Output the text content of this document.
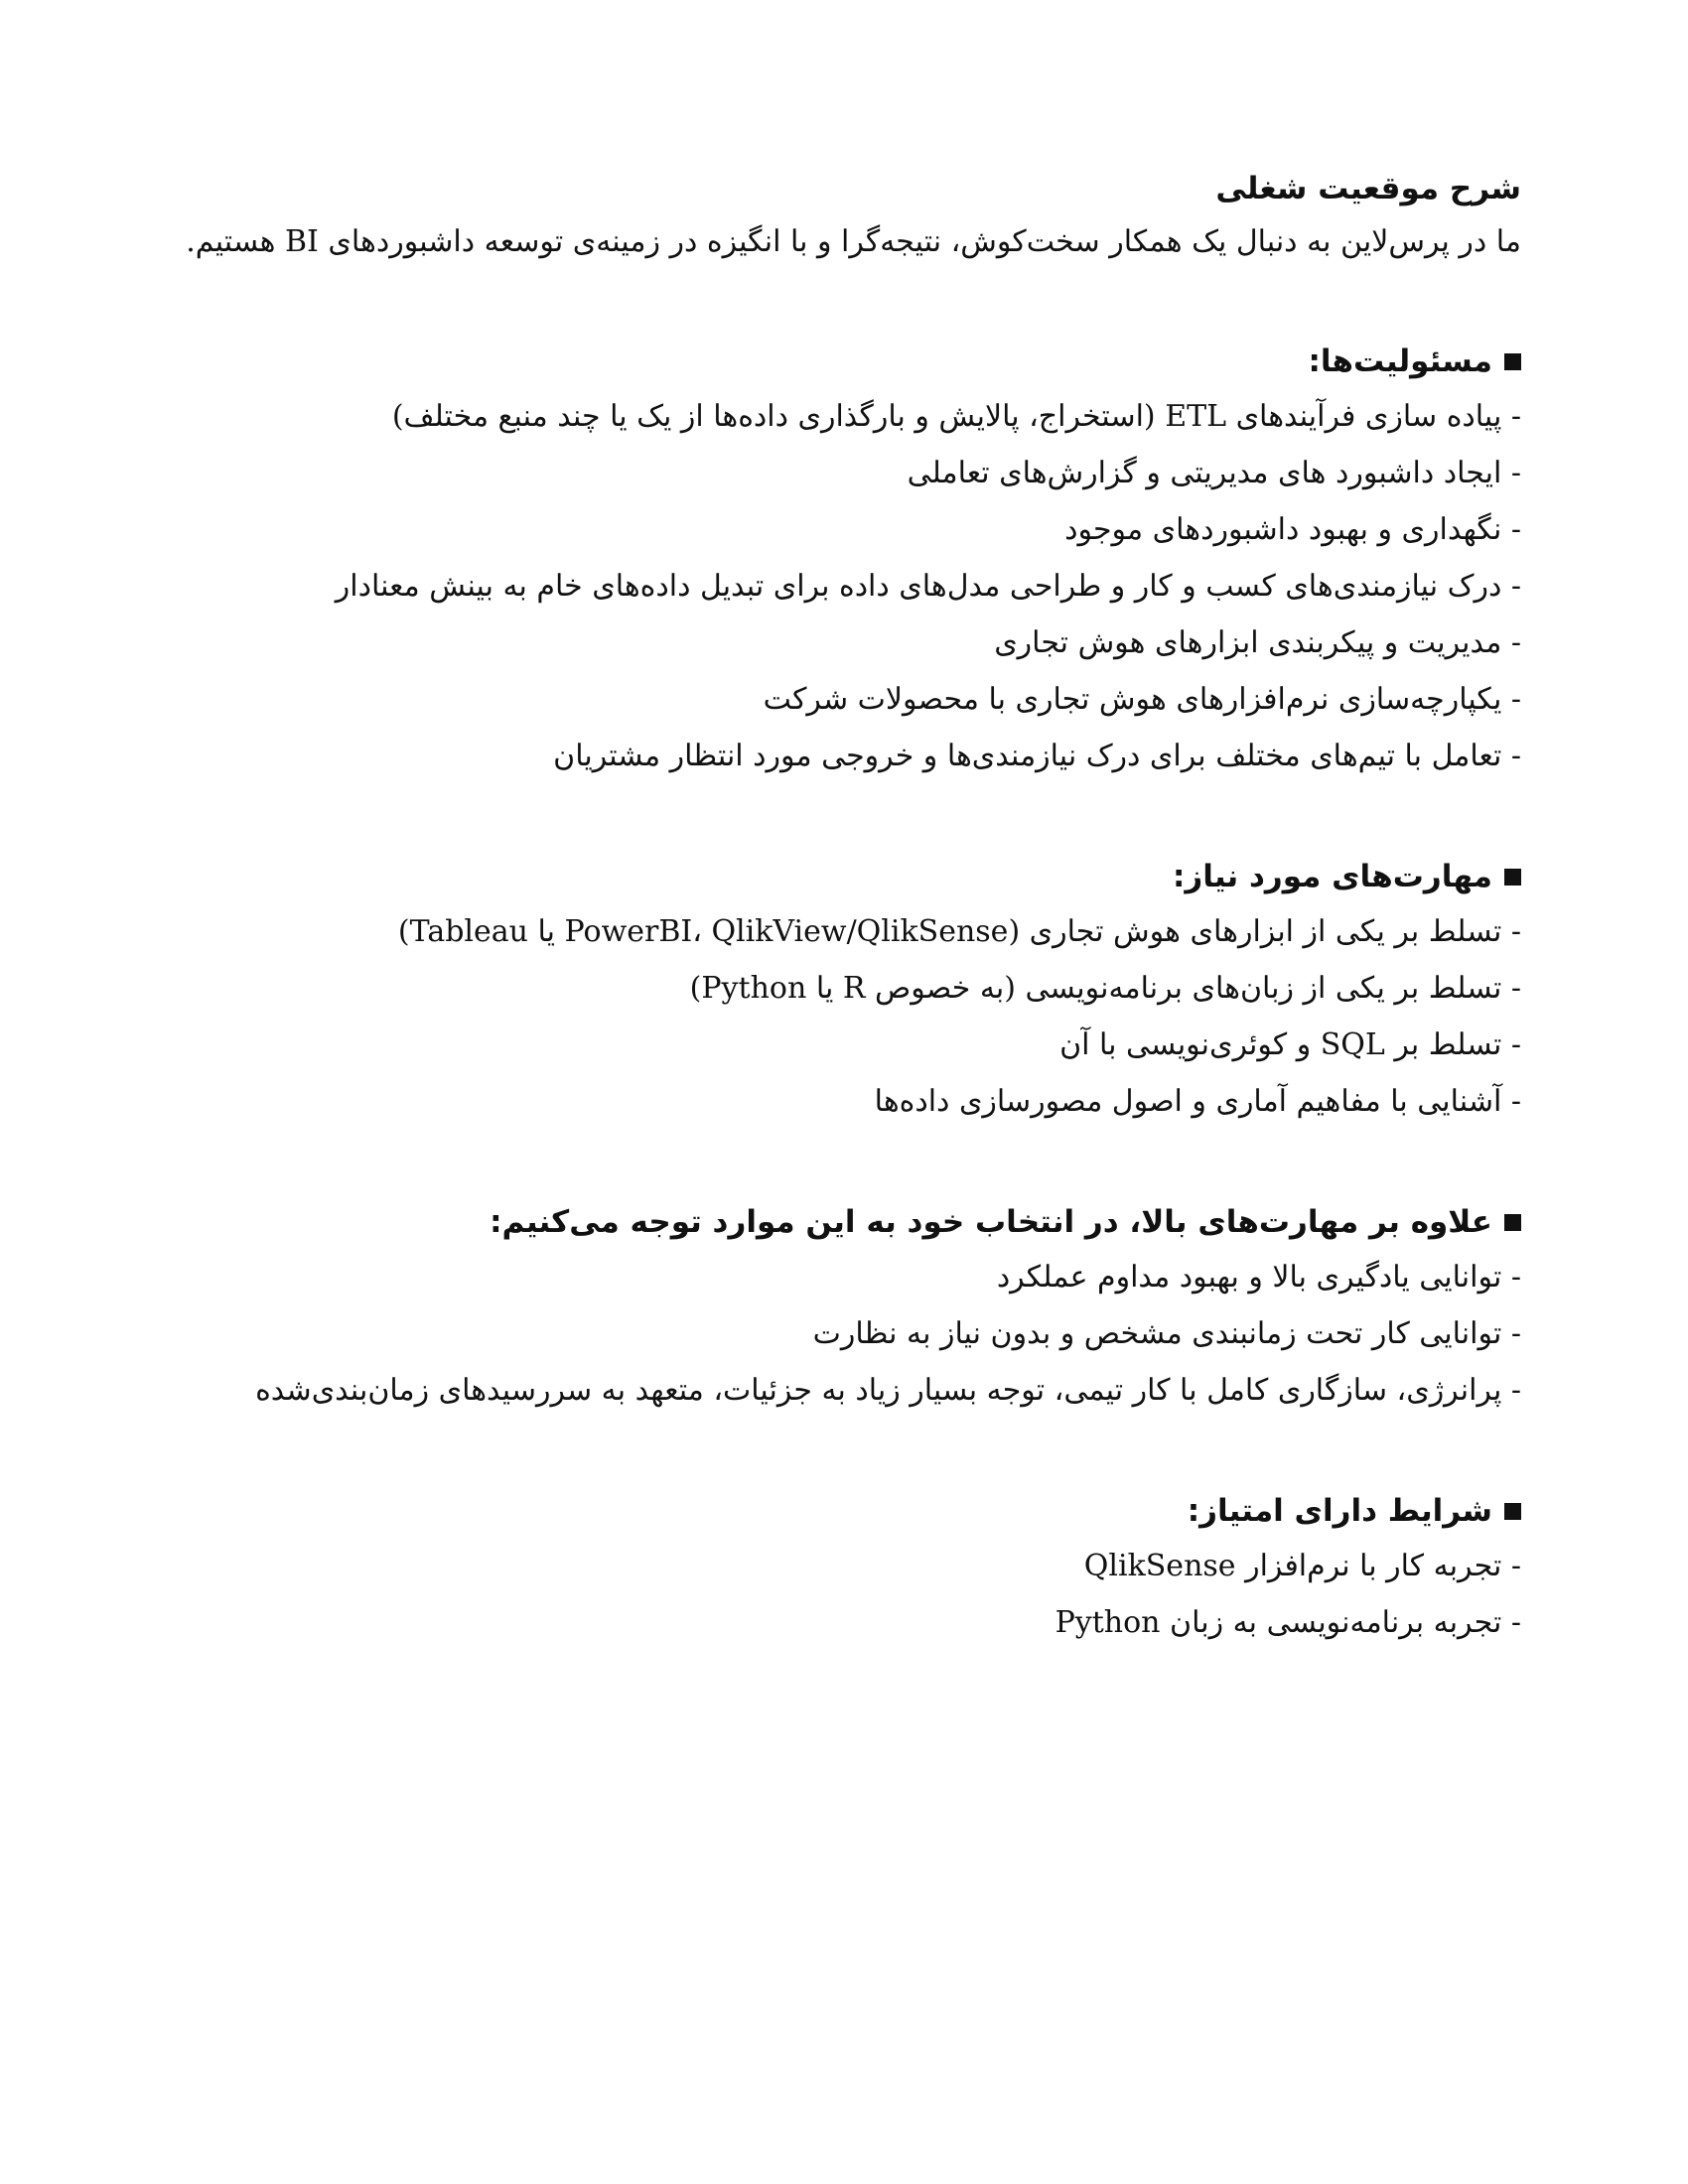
شرح موقعیت شغلی

ما در پرس‌لاین به دنبال یک همکار سخت‌کوش، نتیجه‌گرا و با انگیزه در زمینه‌ی توسعه داشبوردهای BI هستیم.

مسئولیت‌ها:
- پیاده سازی فرآیندهای ETL (استخراج، پالایش و بارگذاری داده‌ها از یک یا چند منبع مختلف)
- ایجاد داشبورد های مدیریتی و گزارش‌های تعاملی
- نگهداری و بهبود داشبوردهای موجود
- درک نیازمندی‌های کسب و کار و طراحی مدل‌های داده برای تبدیل داده‌های خام به بینش معنادار
- مدیریت و پیکربندی ابزارهای هوش تجاری
- یکپارچه‌سازی نرم‌افزارهای هوش تجاری با محصولات شرکت
- تعامل با تیم‌های مختلف برای درک نیازمندی‌ها و خروجی مورد انتظار مشتریان
مهارت‌های مورد نیاز:
- تسلط بر یکی از ابزارهای هوش تجاری (PowerBI، QlikView/QlikSense یا Tableau)
- تسلط بر یکی از زبان‌های برنامه‌نویسی (به خصوص R یا Python)
- تسلط بر SQL و کوئری‌نویسی با آن
- آشنایی با مفاهیم آماری و اصول مصورسازی داده‌ها
علاوه بر مهارت‌های بالا، در انتخاب خود به این موارد توجه می‌کنیم:
- توانایی یادگیری بالا و بهبود مداوم عملکرد
- توانایی کار تحت زمانبندی مشخص و بدون نیاز به نظارت
- پرانرژی، سازگاری کامل با کار تیمی، توجه بسیار زیاد به جزئیات، متعهد به سررسیدهای زمان‌بندی‌شده
شرایط دارای امتیاز:
- تجربه کار با نرم‌افزار QlikSense
- تجربه برنامه‌نویسی به زبان Python
